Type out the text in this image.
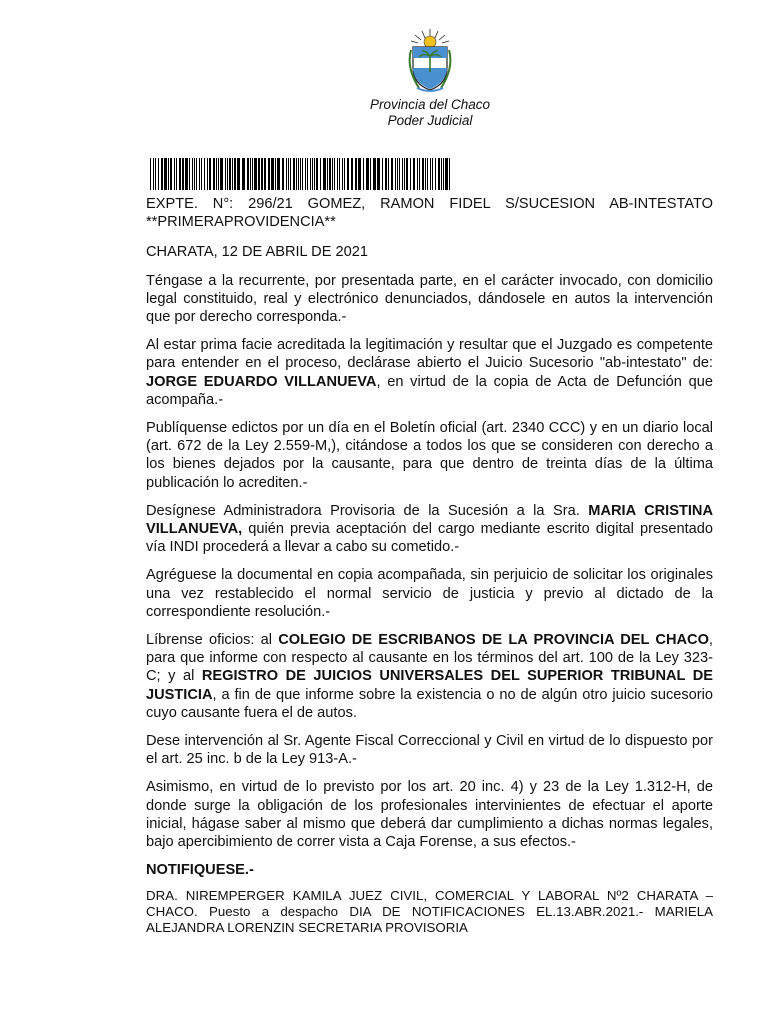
Provincia del Chaco
Poder Judicial

EXPTE. N°: 296/21 GOMEZ, RAMON FIDEL S/SUCESION AB-INTESTATO
**PRIMERAPROVIDENCIA**

CHARATA, 12 DE ABRIL DE 2021

Téngase a la recurrente, por presentada parte, en el carácter invocado, con domicilio legal constituido, real y electrónico denunciados, dándosele en autos la intervención que por derecho corresponda.-

Al estar prima facie acreditada la legitimación y resultar que el Juzgado es competente para entender en el proceso, declárase abierto el Juicio Sucesorio "ab-intestato" de: JORGE EDUARDO VILLANUEVA, en virtud de la copia de Acta de Defunción que acompaña.-

Publíquense edictos por un día en el Boletín oficial (art. 2340 CCC) y en un diario local (art. 672 de la Ley 2.559-M,), citándose a todos los que se consideren con derecho a los bienes dejados por la causante, para que dentro de treinta días de la última publicación lo acrediten.-

Desígnese Administradora Provisoria de la Sucesión a la Sra. MARIA CRISTINA VILLANUEVA, quién previa aceptación del cargo mediante escrito digital presentado vía INDI procederá a llevar a cabo su cometido.-

Agréguese la documental en copia acompañada, sin perjuicio de solicitar los originales una vez restablecido el normal servicio de justicia y previo al dictado de la correspondiente resolución.-

Líbrense oficios: al COLEGIO DE ESCRIBANOS DE LA PROVINCIA DEL CHACO, para que informe con respecto al causante en los términos del art. 100 de la Ley 323-C; y al REGISTRO DE JUICIOS UNIVERSALES DEL SUPERIOR TRIBUNAL DE JUSTICIA, a fin de que informe sobre la existencia o no de algún otro juicio sucesorio cuyo causante fuera el de autos.

Dese intervención al Sr. Agente Fiscal Correccional y Civil en virtud de lo dispuesto por el art. 25 inc. b de la Ley 913-A.-

Asimismo, en virtud de lo previsto por los art. 20 inc. 4) y 23 de la Ley 1.312-H, de donde surge la obligación de los profesionales intervinientes de efectuar el aporte inicial, hágase saber al mismo que deberá dar cumplimiento a dichas normas legales, bajo apercibimiento de correr vista a Caja Forense, a sus efectos.-

NOTIFIQUESE.-

DRA. NIREMPERGER KAMILA JUEZ CIVIL, COMERCIAL Y LABORAL Nº2 CHARATA – CHACO. Puesto a despacho DIA DE NOTIFICACIONES EL.13.ABR.2021.- MARIELA ALEJANDRA LORENZIN SECRETARIA PROVISORIA
